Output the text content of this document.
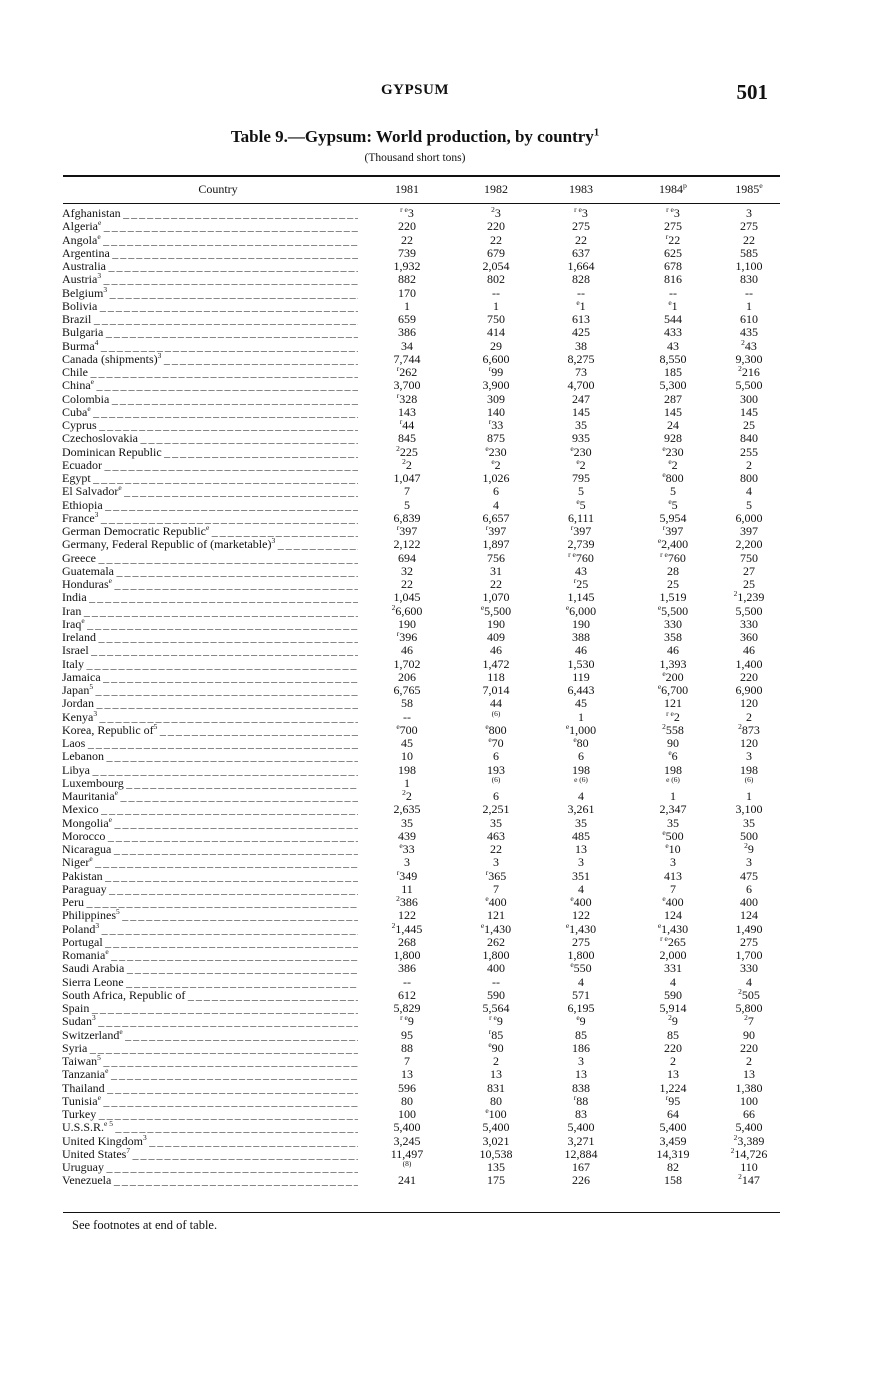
GYPSUM	501
Table 9.—Gypsum: World production, by country$^1$
(Thousand short tons)
Country	1981	1982	1983	1984$^p$	1985e
Afghanistan _ _ _	$^{r e}$3	$^2$3	$^{r e}$3	$^{r e}$3	3
Algeria$^e$ _ _ _	220	220	275	275	275
Angola$^e$ _ _ _	22	22	22	$^r$22	22
Argentina _ _ _	739	679	637	625	585
Australia _ _ _	1,932	2,054	1,664	678	1,100
Austria$^3$ _ _ _	882	802	828	816	830
Belgium$^3$ _ _ _	170	--	--	--	--
Bolivia _ _ _	1	1	$^e$1	$^e$1	1
Brazil _ _ _	659	750	613	544	610
Bulgaria _ _ _	386	414	425	433	435
Burma$^4$ _ _ _	34	29	38	43	$^2$43
Canada (shipments)$^3$ _ _ _	7,744	6,600	8,275	8,550	9,300
Chile _ _ _	$^r$262	$^r$99	73	185	$^2$216
China$^e$ _ _ _	3,700	3,900	4,700	5,300	5,500
Colombia _ _ _	$^r$328	309	247	287	300
Cuba$^e$ _ _ _	143	140	145	145	145
Cyprus _ _ _	$^r$44	$^r$33	35	24	25
Czechoslovakia _ _ _	845	875	935	928	840
Dominican Republic _ _ _	$^2$225	$^e$230	$^e$230	$^e$230	255
Ecuador _ _ _	$^2$2	$^e$2	$^e$2	$^e$2	2
Egypt _ _ _	1,047	1,026	795	$^e$800	800
El Salvador$^e$ _ _ _	7	6	5	5	4
Ethiopia _ _ _	5	4	$^e$5	$^e$5	5
France$^3$ _ _ _	6,839	6,657	6,111	5,954	6,000
German Democratic Republic$^e$ _ _ _	$^r$397	$^r$397	$^r$397	$^r$397	397
Germany, Federal Republic of (marketable)$^3$ _ _ _	2,122	1,897	2,739	$^e$2,400	2,200
Greece _ _ _	694	756	$^{r e}$760	$^{r e}$760	750
Guatemala _ _ _	32	31	43	28	27
Honduras$^e$ _ _ _	22	22	$^r$25	25	25
India _ _ _	1,045	1,070	1,145	1,519	$^2$1,239
Iran _ _ _	$^2$6,600	$^e$5,500	$^e$6,000	$^e$5,500	5,500
Iraq$^e$ _ _ _	190	190	190	330	330
Ireland _ _ _	$^r$396	409	388	358	360
Israel _ _ _	46	46	46	46	46
Italy _ _ _	1,702	1,472	1,530	1,393	1,400
Jamaica _ _ _	206	118	119	$^e$200	220
Japan$^5$ _ _ _	6,765	7,014	6,443	$^e$6,700	6,900
Jordan _ _ _	58	44	45	121	120
Kenya$^3$ _ _ _	--	$^{(6)}$	1	$^{r e}$2	2
Korea, Republic $of^5$ _ _ _	$^e$700	$^e$800	$^e$1,000	$^2$558	$^2$873
Laos _ _ _	45	$^e$70	$^e$80	90	120
Lebanon _ _ _	10	6	6	$^e$6	3
Libya _ _ _	198	193	198	198	198
Luxembourg _ _ _	1	$^{(6)}$	$^{e (6)}$	$^{e (6)}$	$^{(6)}$
Mauritania$^e$ _ _ _	$^2$2	6	4	1	1
Mexico _ _ _	2,635	2,251	3,261	2,347	3,100
Mongolia$^e$ _ _ _	35	35	35	35	35
Morocco _ _ _	439	463	485	$^e$500	500
Nicaragua _ _ _	$^e$33	22	13	$^e$10	$^2$9
Niger$^e$ _ _ _	3	3	3	3	3
Pakistan _ _ _	$^r$349	$^r$365	351	413	475
Paraguay _ _ _	11	7	4	7	6
Peru _ _ _	$^2$386	$^e$400	$^e$400	$^e$400	400
Philippines$^5$ _ _ _	122	121	122	124	124
Poland$^3$ _ _ _	$^2$1,445	$^e$1,430	$^e$1,430	$^e$1,430	1,490
Portugal _ _ _	268	262	275	$^{r e}$265	275
Romania$^e$ _ _ _	1,800	1,800	1,800	2,000	1,700
Saudi Arabia _ _ _	386	400	$^e$550	331	330
Sierra Leone _ _ _	--	--	4	4	4
South Africa, Republic of _ _ _	612	590	571	590	$^2$505
Spain _ _ _	5,829	5,564	6,195	5,914	5,800
Sudan$^3$ _ _ _	$^{r e}$9	$^{r e}$9	$^e$9	$^2$9	$^2$7
Switzerland$^e$ _ _ _	95	$^r$85	85	85	90
Syria _ _ _	88	$^e$90	186	220	220
Taiwan$^5$ _ _ _	7	2	3	2	2
Tanzania$^e$ _ _ _	13	13	13	13	13
Thailand _ _ _	596	831	838	1,224	1,380
Tunisia$^e$ _ _ _	80	80	$^r$88	$^r$95	100
Turkey _ _ _	100	$^e$100	83	64	66
U.S.S.R.$^{e 5}$ _ _ _	5,400	5,400	5,400	5,400	5,400
United Kingdom$^3$ _ _ _	3,245	3,021	3,271	3,459	$^2$3,389
United States$^7$ _ _ _	11,497	10,538	12,884	14,319	$^2$14,726
Uruguay _ _ _	$^{(8)}$	135	167	82	110
Venezuela _ _ _	241	175	226	158	$^2$147
See footnotes at end of table.
